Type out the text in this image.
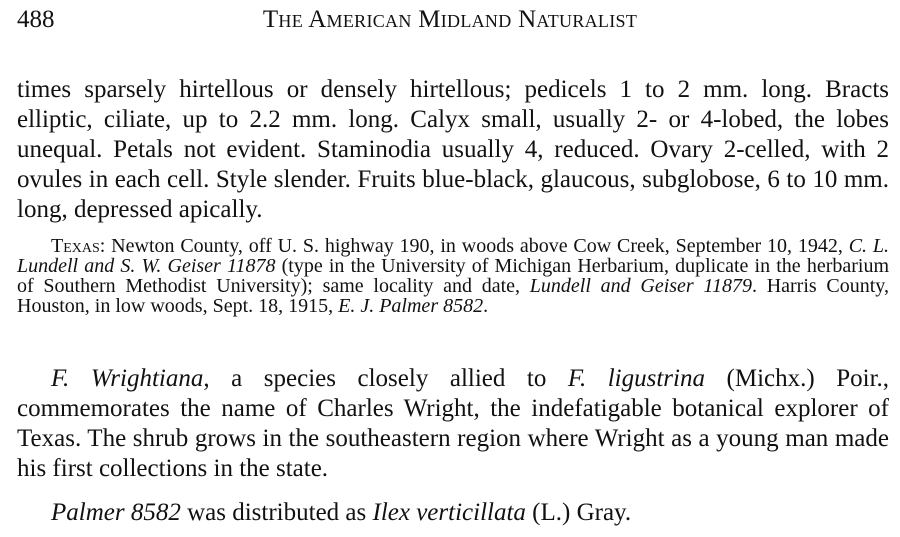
488	The American Midland Naturalist

times sparsely hirtellous or densely hirtellous; pedicels 1 to 2 mm. long. Bracts elliptic, ciliate, up to 2.2 mm. long. Calyx small, usually 2- or 4-lobed, the lobes unequal. Petals not evident. Staminodia usually 4, reduced. Ovary 2-celled, with 2 ovules in each cell. Style slender. Fruits blue-black, glaucous, subglobose, 6 to 10 mm. long, depressed apically.

Texas: Newton County, off U. S. highway 190, in woods above Cow Creek, September 10, 1942, C. L. Lundell and S. W. Geiser 11878 (type in the University of Michigan Herbarium, duplicate in the herbarium of Southern Methodist University); same locality and date, Lundell and Geiser 11879. Harris County, Houston, in low woods, Sept. 18, 1915, E. J. Palmer 8582.

F. Wrightiana, a species closely allied to F. ligustrina (Michx.) Poir., commemorates the name of Charles Wright, the indefatigable botanical explorer of Texas. The shrub grows in the southeastern region where Wright as a young man made his first collections in the state.

Palmer 8582 was distributed as Ilex verticillata (L.) Gray.
